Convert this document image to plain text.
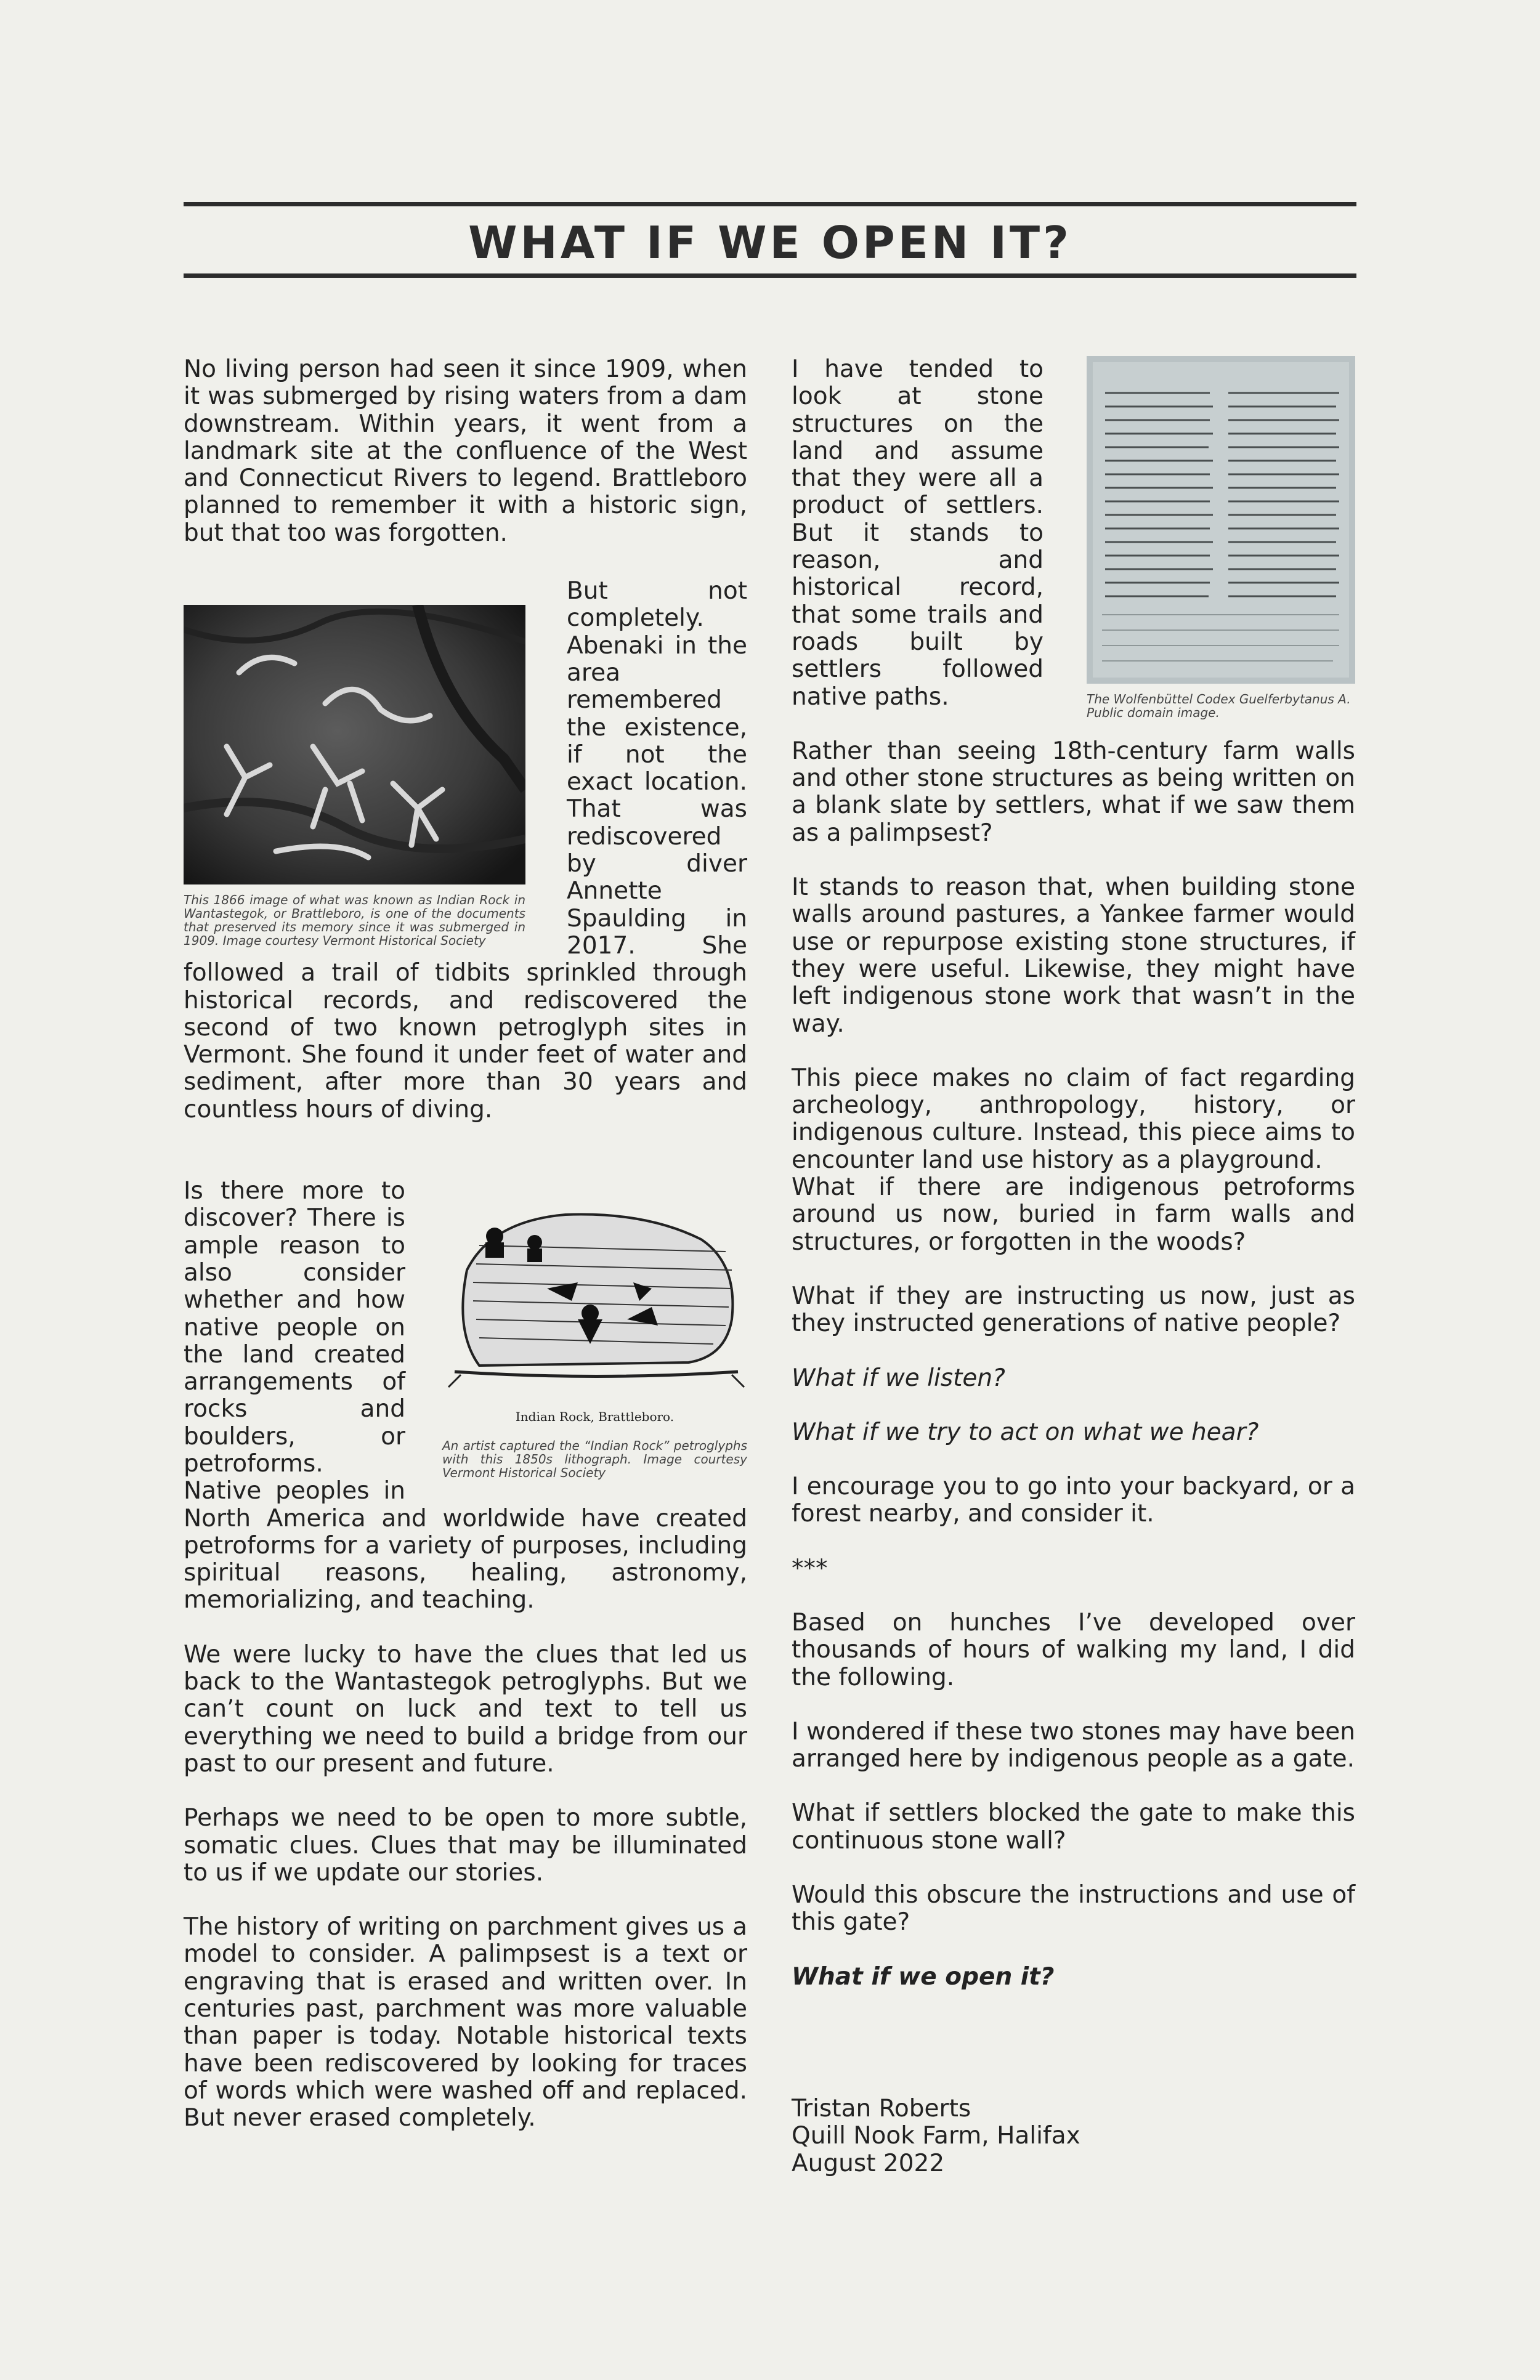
WHAT IF WE OPEN IT?

No living person had seen it since 1909, when it was submerged by rising waters from a dam downstream. Within years, it went from a landmark site at the confluence of the West and Connecticut Rivers to legend. Brattleboro planned to remember it with a historic sign, but that too was forgotten.

This 1866 image of what was known as Indian Rock in Wantastegok, or Brattleboro, is one of the documents that preserved its memory since it was submerged in 1909. Image courtesy Vermont Historical Society

But not completely. Abenaki in the area remembered the existence, if not the exact location. That was rediscovered by diver Annette Spaulding in 2017. She followed a trail of tidbits sprinkled through historical records, and rediscovered the second of two known petroglyph sites in Vermont. She found it under feet of water and sediment, after more than 30 years and countless hours of diving.

Indian Rock, Brattleboro.
An artist captured the “Indian Rock” petroglyphs with this 1850s lithograph. Image courtesy Vermont Historical Society

Is there more to discover? There is ample reason to also consider whether and how native people on the land created arrangements of rocks and boulders, or petroforms. Native peoples in North America and worldwide have created petroforms for a variety of purposes, including spiritual reasons, healing, astronomy, memorializing, and teaching.

We were lucky to have the clues that led us back to the Wantastegok petroglyphs. But we can’t count on luck and text to tell us everything we need to build a bridge from our past to our present and future.

Perhaps we need to be open to more subtle, somatic clues. Clues that may be illuminated to us if we update our stories.

The history of writing on parchment gives us a model to consider. A palimpsest is a text or engraving that is erased and written over. In centuries past, parchment was more valuable than paper is today. Notable historical texts have been rediscovered by looking for traces of words which were washed off and replaced. But never erased completely.

The Wolfenbüttel Codex Guelferbytanus A. Public domain image.

I have tended to look at stone structures on the land and assume that they were all a product of settlers. But it stands to reason, and historical record, that some trails and roads built by settlers followed native paths.

Rather than seeing 18th-century farm walls and other stone structures as being written on a blank slate by settlers, what if we saw them as a palimpsest?

It stands to reason that, when building stone walls around pastures, a Yankee farmer would use or repurpose existing stone structures, if they were useful. Likewise, they might have left indigenous stone work that wasn’t in the way.

This piece makes no claim of fact regarding archeology, anthropology, history, or indigenous culture. Instead, this piece aims to encounter land use history as a playground.

What if there are indigenous petroforms around us now, buried in farm walls and structures, or forgotten in the woods?

What if they are instructing us now, just as they instructed generations of native people?

What if we listen?

What if we try to act on what we hear?

I encourage you to go into your backyard, or a forest nearby, and consider it.

***

Based on hunches I’ve developed over thousands of hours of walking my land, I did the following.

I wondered if these two stones may have been arranged here by indigenous people as a gate.

What if settlers blocked the gate to make this continuous stone wall?

Would this obscure the instructions and use of this gate?

What if we open it?

Tristan Roberts
Quill Nook Farm, Halifax
August 2022
